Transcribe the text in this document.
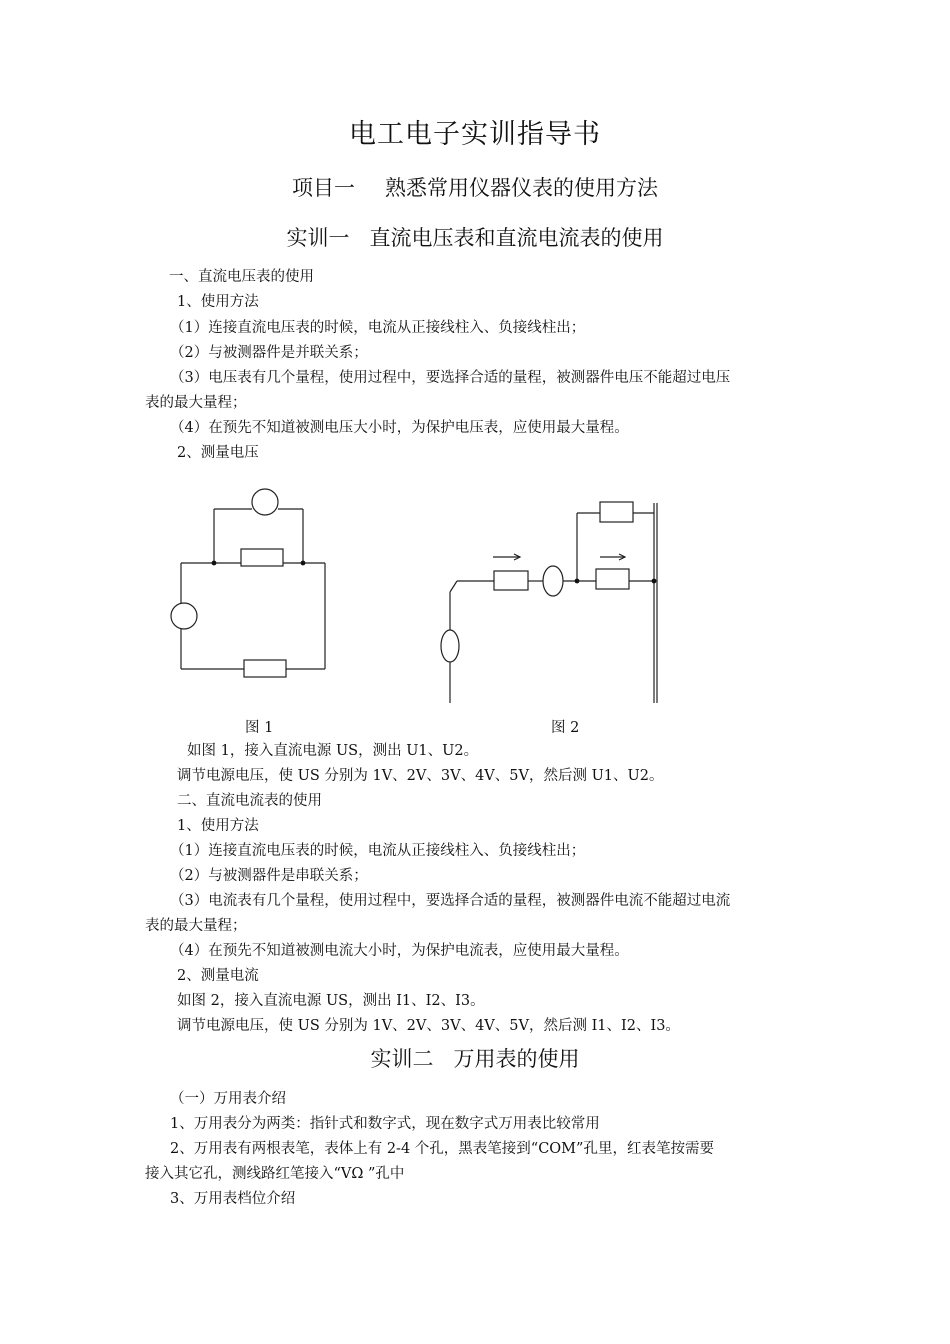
电工电子实训指导书
项目一 熟悉常用仪器仪表的使用方法
实训一 直流电压表和直流电流表的使用
一、直流电压表的使用
1、使用方法
（1）连接直流电压表的时候，电流从正接线柱入、负接线柱出；
（2）与被测器件是并联关系；
（3）电压表有几个量程，使用过程中，要选择合适的量程，被测器件电压不能超过电压
表的最大量程；
（4）在预先不知道被测电压大小时，为保护电压表，应使用最大量程。
2、测量电压
图 1	图 2
如图 1，接入直流电源 US，测出 U1、U2。
调节电源电压，使 US 分别为 1V、2V、3V、4V、5V，然后测 U1、U2。
二、直流电流表的使用
1、使用方法
（1）连接直流电压表的时候，电流从正接线柱入、负接线柱出；
（2）与被测器件是串联关系；
（3）电流表有几个量程，使用过程中，要选择合适的量程，被测器件电流不能超过电流
表的最大量程；
（4）在预先不知道被测电流大小时，为保护电流表，应使用最大量程。
2、测量电流
如图 2，接入直流电源 US，测出 I1、I2、I3。
调节电源电压，使 US 分别为 1V、2V、3V、4V、5V，然后测 I1、I2、I3。
实训二 万用表的使用
（一）万用表介绍
1、万用表分为两类：指针式和数字式，现在数字式万用表比较常用
2、万用表有两根表笔，表体上有 2-4 个孔，黑表笔接到“COM”孔里，红表笔按需要
接入其它孔，测线路红笔接入“VΩ ”孔中
3、万用表档位介绍
